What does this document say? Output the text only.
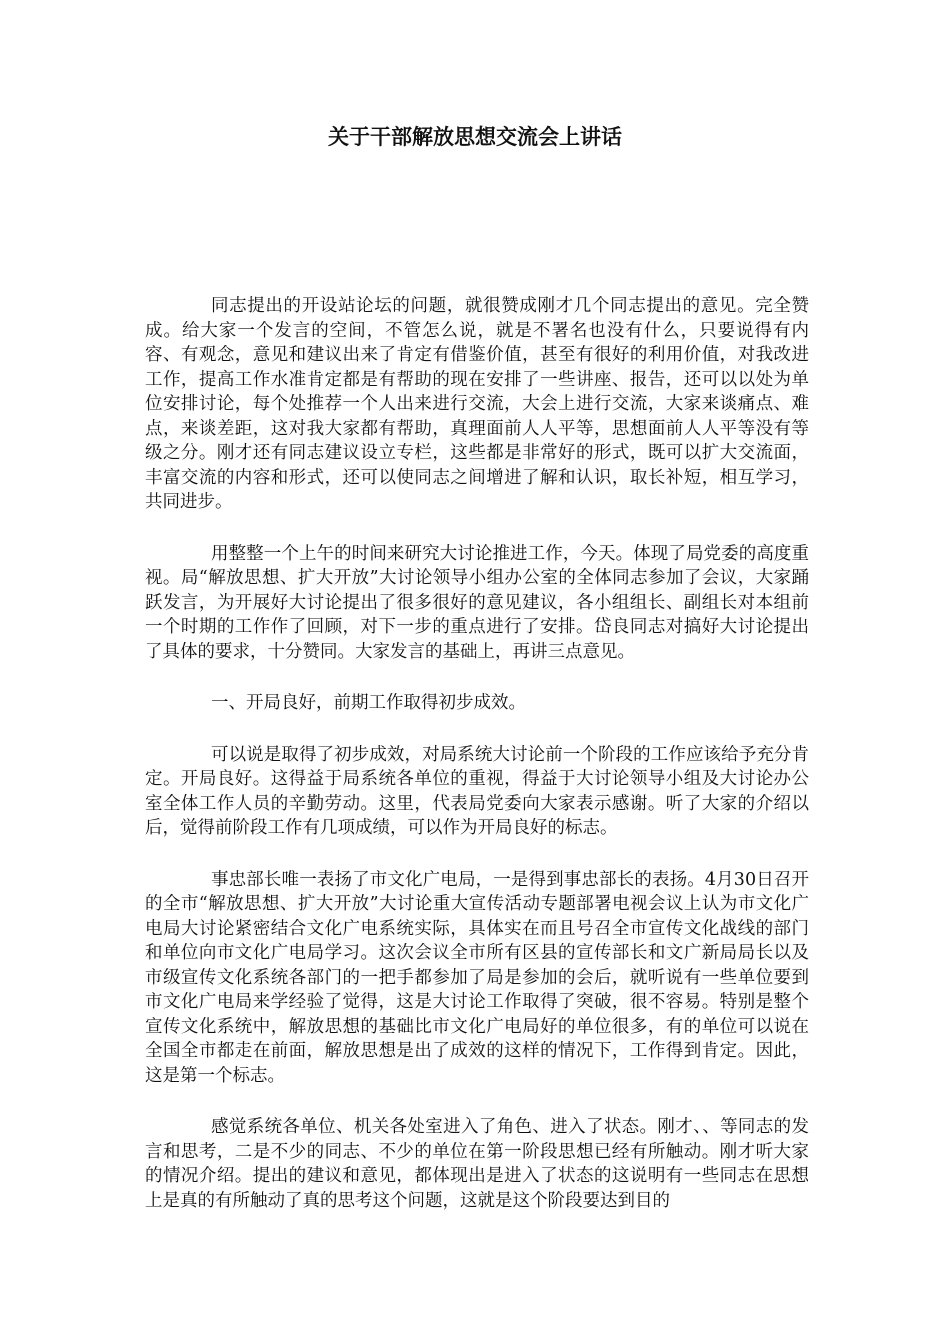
关于干部解放思想交流会上讲话

同志提出的开设站论坛的问题，就很赞成刚才几个同志提出的意见。完全赞成。给大家一个发言的空间，不管怎么说，就是不署名也没有什么，只要说得有内容、有观念，意见和建议出来了肯定有借鉴价值，甚至有很好的利用价值，对我改进工作，提高工作水准肯定都是有帮助的现在安排了一些讲座、报告，还可以以处为单位安排讨论，每个处推荐一个人出来进行交流，大会上进行交流，大家来谈痛点、难点，来谈差距，这对我大家都有帮助，真理面前人人平等，思想面前人人平等没有等级之分。刚才还有同志建议设立专栏，这些都是非常好的形式，既可以扩大交流面，丰富交流的内容和形式，还可以使同志之间增进了解和认识，取长补短，相互学习，共同进步。

用整整一个上午的时间来研究大讨论推进工作，今天。体现了局党委的高度重视。局“解放思想、扩大开放”大讨论领导小组办公室的全体同志参加了会议，大家踊跃发言，为开展好大讨论提出了很多很好的意见建议，各小组组长、副组长对本组前一个时期的工作作了回顾，对下一步的重点进行了安排。岱良同志对搞好大讨论提出了具体的要求，十分赞同。大家发言的基础上，再讲三点意见。

一、开局良好，前期工作取得初步成效。

可以说是取得了初步成效，对局系统大讨论前一个阶段的工作应该给予充分肯定。开局良好。这得益于局系统各单位的重视，得益于大讨论领导小组及大讨论办公室全体工作人员的辛勤劳动。这里，代表局党委向大家表示感谢。听了大家的介绍以后，觉得前阶段工作有几项成绩，可以作为开局良好的标志。

事忠部长唯一表扬了市文化广电局，一是得到事忠部长的表扬。4月30日召开的全市“解放思想、扩大开放”大讨论重大宣传活动专题部署电视会议上认为市文化广电局大讨论紧密结合文化广电系统实际，具体实在而且号召全市宣传文化战线的部门和单位向市文化广电局学习。这次会议全市所有区县的宣传部长和文广新局局长以及市级宣传文化系统各部门的一把手都参加了局是参加的会后，就听说有一些单位要到市文化广电局来学经验了觉得，这是大讨论工作取得了突破，很不容易。特别是整个宣传文化系统中，解放思想的基础比市文化广电局好的单位很多，有的单位可以说在全国全市都走在前面，解放思想是出了成效的这样的情况下，工作得到肯定。因此，这是第一个标志。

感觉系统各单位、机关各处室进入了角色、进入了状态。刚才、、等同志的发言和思考，二是不少的同志、不少的单位在第一阶段思想已经有所触动。刚才听大家的情况介绍。提出的建议和意见，都体现出是进入了状态的这说明有一些同志在思想上是真的有所触动了真的思考这个问题，这就是这个阶段要达到目的
